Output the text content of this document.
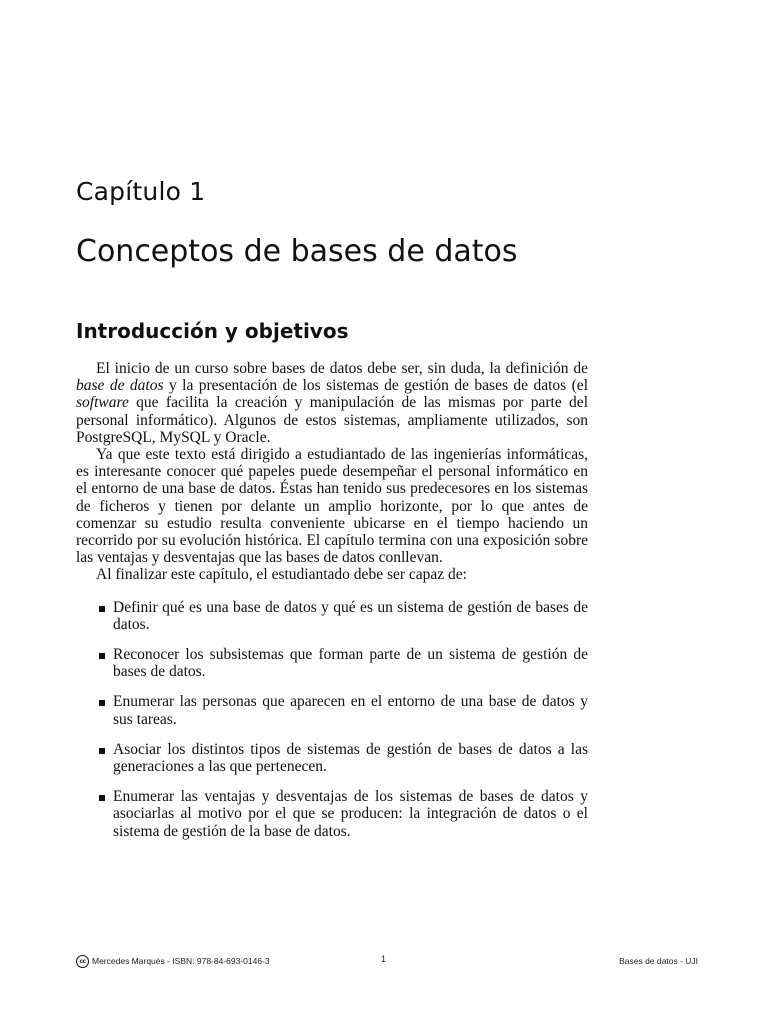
Capítulo 1
Conceptos de bases de datos
Introducción y objetivos

El inicio de un curso sobre bases de datos debe ser, sin duda, la definición de base de datos y la presentación de los sistemas de gestión de bases de datos (el software que facilita la creación y manipulación de las mismas por parte del personal informático). Algunos de estos sistemas, ampliamente utilizados, son PostgreSQL, MySQL y Oracle.

Ya que este texto está dirigido a estudiantado de las ingenierías informáticas, es interesante conocer qué papeles puede desempeñar el personal informático en el entorno de una base de datos. Éstas han tenido sus predecesores en los sistemas de ficheros y tienen por delante un amplio horizonte, por lo que antes de comenzar su estudio resulta conveniente ubicarse en el tiempo haciendo un recorrido por su evolución histórica. El capítulo termina con una exposición sobre las ventajas y desventajas que las bases de datos conllevan.

Al finalizar este capítulo, el estudiantado debe ser capaz de:

Definir qué es una base de datos y qué es un sistema de gestión de bases de datos.
Reconocer los subsistemas que forman parte de un sistema de gestión de bases de datos.
Enumerar las personas que aparecen en el entorno de una base de datos y sus tareas.
Asociar los distintos tipos de sistemas de gestión de bases de datos a las generaciones a las que pertenecen.
Enumerar las ventajas y desventajas de los sistemas de bases de datos y asociarlas al motivo por el que se producen: la integración de datos o el sistema de gestión de la base de datos.
cc Mercedes Marqués - ISBN: 978-84-693-0146-3	1	Bases de datos - UJI
